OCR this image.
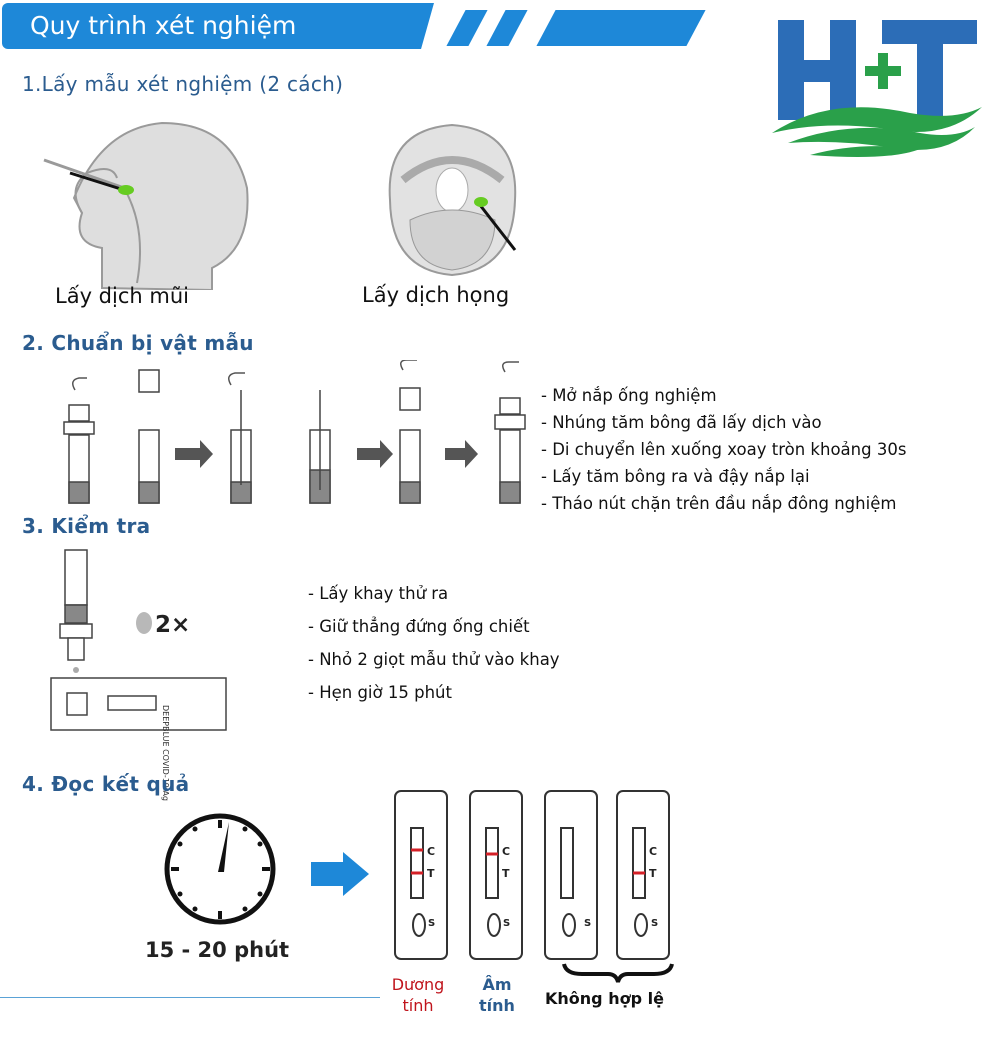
Quy trình xét nghiệm
1.Lấy mẫu xét nghiệm (2 cách)
Lấy dịch mũi	Lấy dịch họng
2. Chuẩn bị vật mẫu
- Mở nắp ống nghiệm
- Nhúng tăm bông đã lấy dịch vào
- Di chuyển lên xuống xoay tròn khoảng 30s
- Lấy tăm bông ra và đậy nắp lại
- Tháo nút chặn trên đầu nắp đông nghiệm
3. Kiểm tra
2×
DEEPBLUE COVID-19 Ag
- Lấy khay thử ra
- Giữ thẳng đứng ống chiết
- Nhỏ 2 giọt mẫu thử vào khay
- Hẹn giờ 15 phút
4. Đọc kết quả
15 - 20 phút
C
T
S
C
T
S	S
C
T
S
Dương
tính
Âm
tính	Không hợp lệ
